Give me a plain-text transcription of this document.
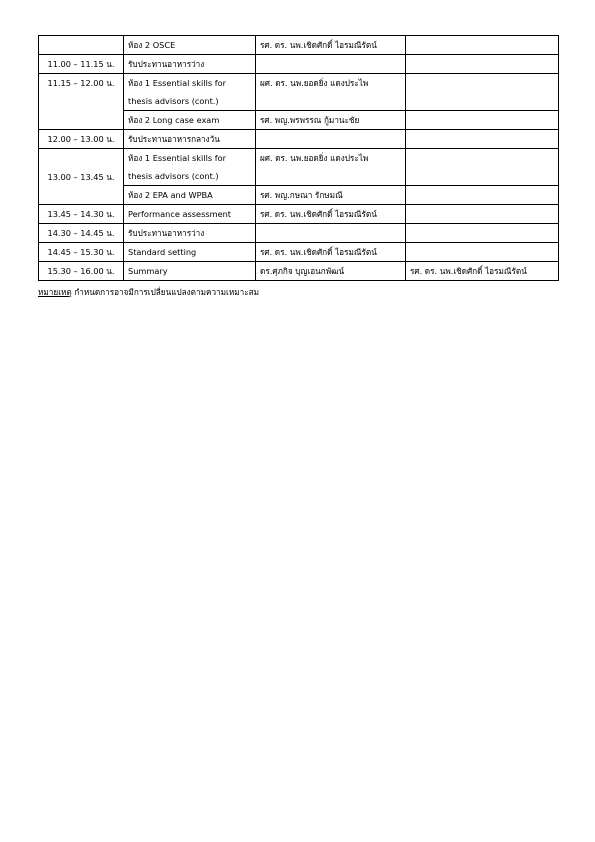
	ห้อง 2 OSCE	รศ. ดร. นพ.เชิดศักดิ์ ไอรมณีรัตน์	
11.00 – 11.15 น.	รับประทานอาหารว่าง		
11.15 – 12.00 น.	ห้อง 1 Essential skills for thesis advisors (cont.)	ผศ. ดร. นพ.ยอดยิ่ง แดงประไพ	
	ห้อง 2 Long case exam	รศ. พญ.พรพรรณ กู้มานะชัย	
12.00 – 13.00 น.	รับประทานอาหารกลางวัน		
13.00 – 13.45 น.	ห้อง 1 Essential skills for thesis advisors (cont.)	ผศ. ดร. นพ.ยอดยิ่ง แดงประไพ	
	ห้อง 2 EPA and WPBA	รศ. พญ.กษณา รักษมณี	
13.45 – 14.30 น.	Performance assessment	รศ. ดร. นพ.เชิดศักดิ์ ไอรมณีรัตน์	
14.30 – 14.45 น.	รับประทานอาหารว่าง		
14.45 – 15.30 น.	Standard setting	รศ. ดร. นพ.เชิดศักดิ์ ไอรมณีรัตน์	
15.30 – 16.00 น.	Summary	ดร.ศุภกิจ บุญเอนกพัฒน์	รศ. ดร. นพ.เชิดศักดิ์ ไอรมณีรัตน์
หมายเหตุ กำหนดการอาจมีการเปลี่ยนแปลงตามความเหมาะสม
